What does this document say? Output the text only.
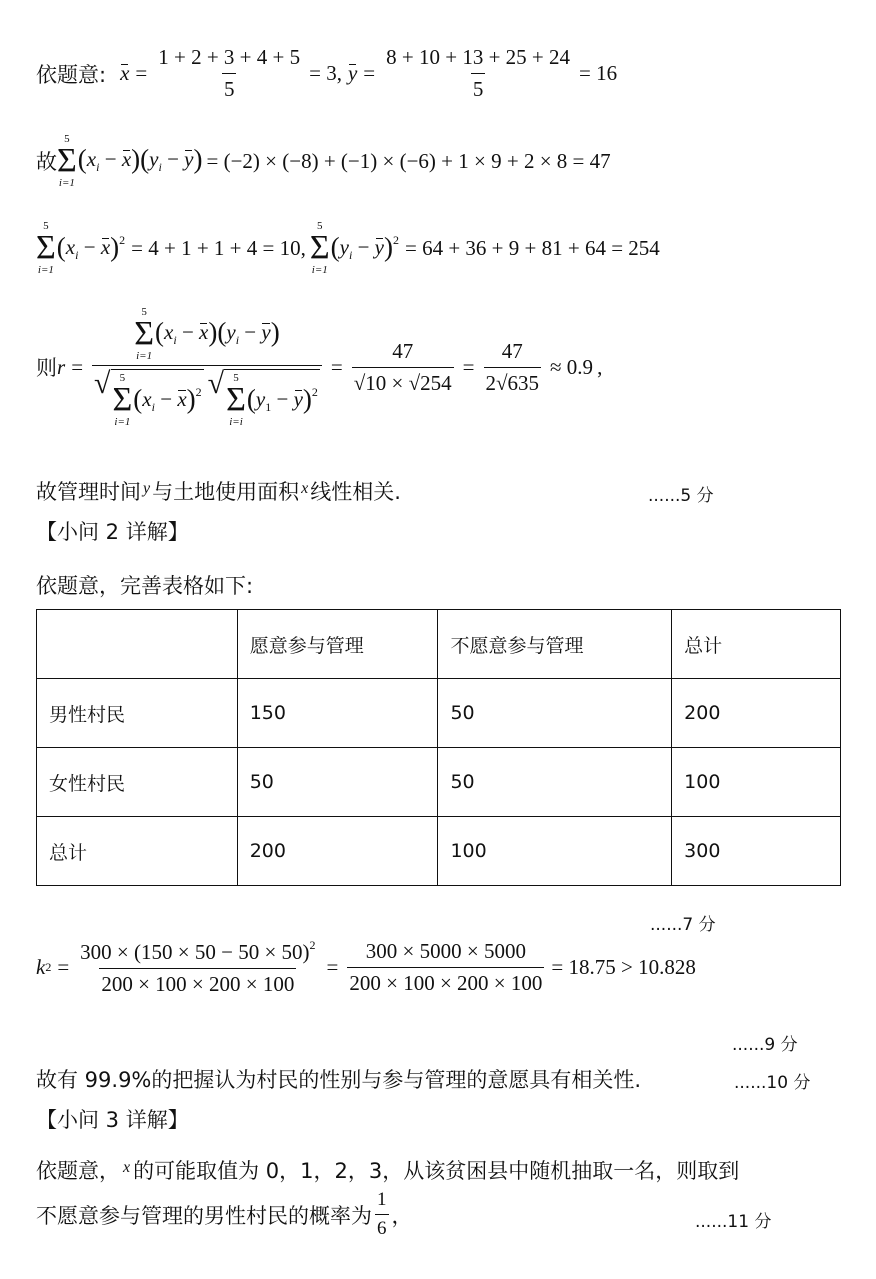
依题意: $x = \frac{1 + 2 + 3 + 4 + 5}{5} = 3$, $y = \frac{8 + 10 + 13 + 25 + 24}{5} = 16$
故
5
Σ
i=1
$(x_i - x)(y_i - y) = (-2) \times (-8) + (-1) \times (-6) + 1 \times 9 + 2 \times 8 = 47$
5
Σ
i=1
$(x_i - x)^2 = 4 + 1 + 1 + 4 = 10$,
5
Σ
i=1
$(y_i - y)^2 = 64 + 36 + 9 + 81 + 64 = 254$
则 r = 5
Σ
i=1
$(x_i - x)(y_i - y)$
√ 5
Σ
i=1
$(x_i - x)^2$ √ 5
Σ
i=i
$(y_1 - y)^2 = \frac{47}{√10 \times √254} = \frac{47}{2√635} \approx 0.9$ ,
故管理时间 $^y$与土地使用面积 $^x$线性相关.	......5 分
【小问 2 详解】
依题意，完善表格如下:
	愿意参与管理	不愿意参与管理	总计
男性村民	150	50	200
女性村民	50	50	100
总计	200	100	300
......7 分
k $2 = \frac{300 \times (150 \times 50 - 50 \times 50)^2}{200 \times 100 \times 200 \times 100} = \frac{300 \times 5000 \times 5000}{200 \times 100 \times 200 \times 100} = 18.75 > 10.828$
......9 分
故有 99.9%的把握认为村民的性别与参与管理的意愿具有相关性.	......10 分
【小问 3 详解】
依题意， $^x$ 的可能取值为 0，1，2，3，从该贫困县中随机抽取一名，则取到
不愿意参与管理的男性村民的概率为 $\frac{1}{6}$ ，	......11 分
